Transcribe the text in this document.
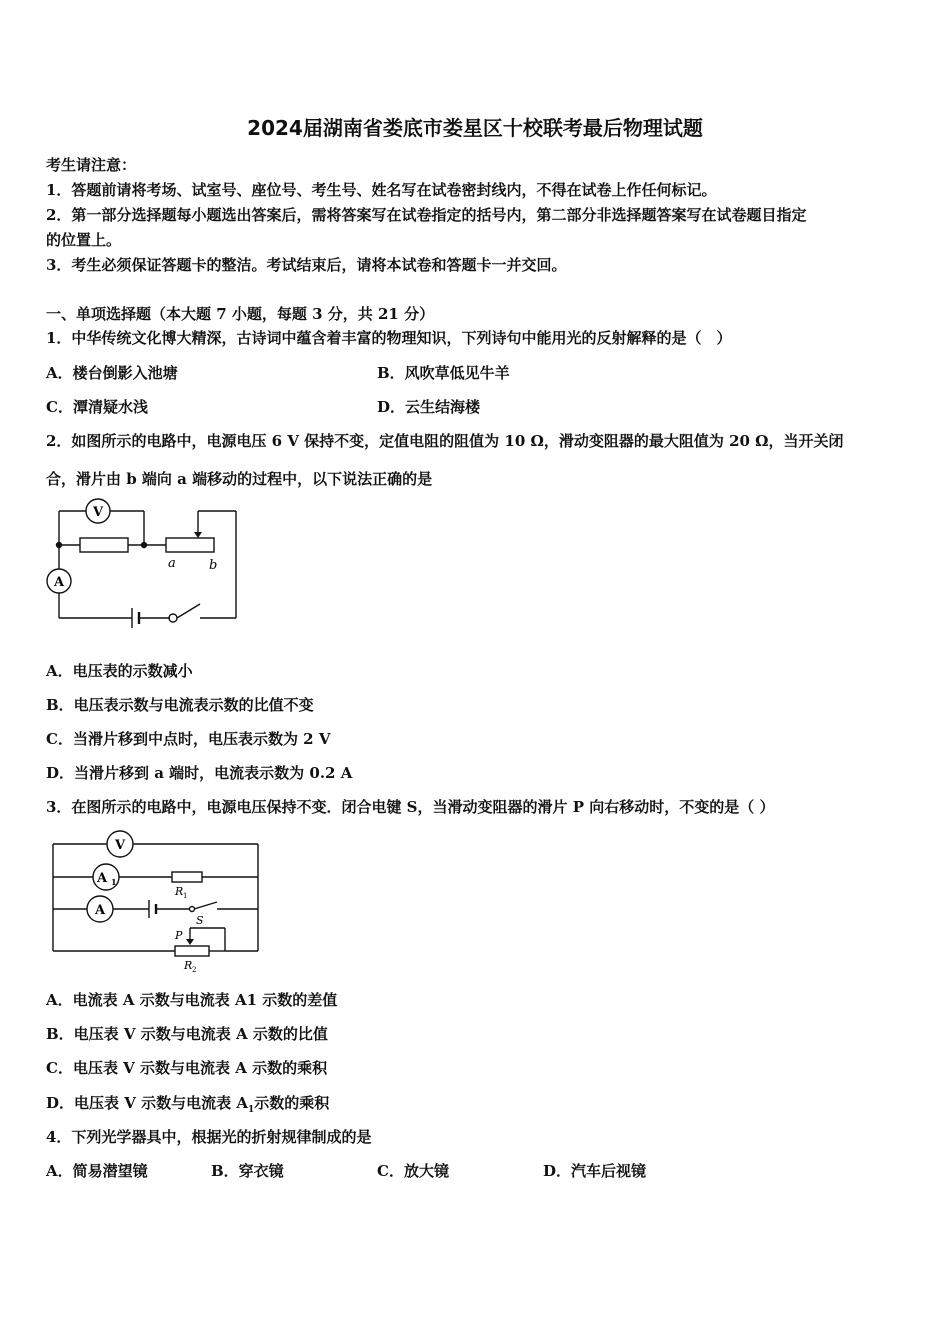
2024届湖南省娄底市娄星区十校联考最后物理试题
考生请注意：
1．答题前请将考场、试室号、座位号、考生号、姓名写在试卷密封线内，不得在试卷上作任何标记。
2．第一部分选择题每小题选出答案后，需将答案写在试卷指定的括号内，第二部分非选择题答案写在试卷题目指定
的位置上。
3．考生必须保证答题卡的整洁。考试结束后，请将本试卷和答题卡一并交回。
一、单项选择题（本大题 7 小题，每题 3 分，共 21 分）
1．中华传统文化博大精深，古诗词中蕴含着丰富的物理知识，下列诗句中能用光的反射解释的是（　）
A．楼台倒影入池塘	B．风吹草低见牛羊
C．潭清疑水浅	D．云生结海楼
2．如图所示的电路中，电源电压 6 V 保持不变，定值电阻的阻值为 10 Ω，滑动变阻器的最大阻值为 20 Ω，当开关闭
合，滑片由 b 端向 a 端移动的过程中，以下说法正确的是
V
A
a	b
A．电压表的示数减小
B．电压表示数与电流表示数的比值不变
C．当滑片移到中点时，电压表示数为 2 V
D．当滑片移到 a 端时，电流表示数为 0.2 A
3．在图所示的电路中，电源电压保持不变．闭合电键 S，当滑动变阻器的滑片 P 向右移动时，不变的是（ ）
V
A 1
A
R 1
S
P
R 2
A．电流表 A 示数与电流表 A1 示数的差值
B．电压表 V 示数与电流表 A 示数的比值
C．电压表 V 示数与电流表 A 示数的乘积
D．电压表 V 示数与电流表 $A_1$示数的乘积
4．下列光学器具中，根据光的折射规律制成的是
A．简易潜望镜	B．穿衣镜	C．放大镜	D．汽车后视镜
